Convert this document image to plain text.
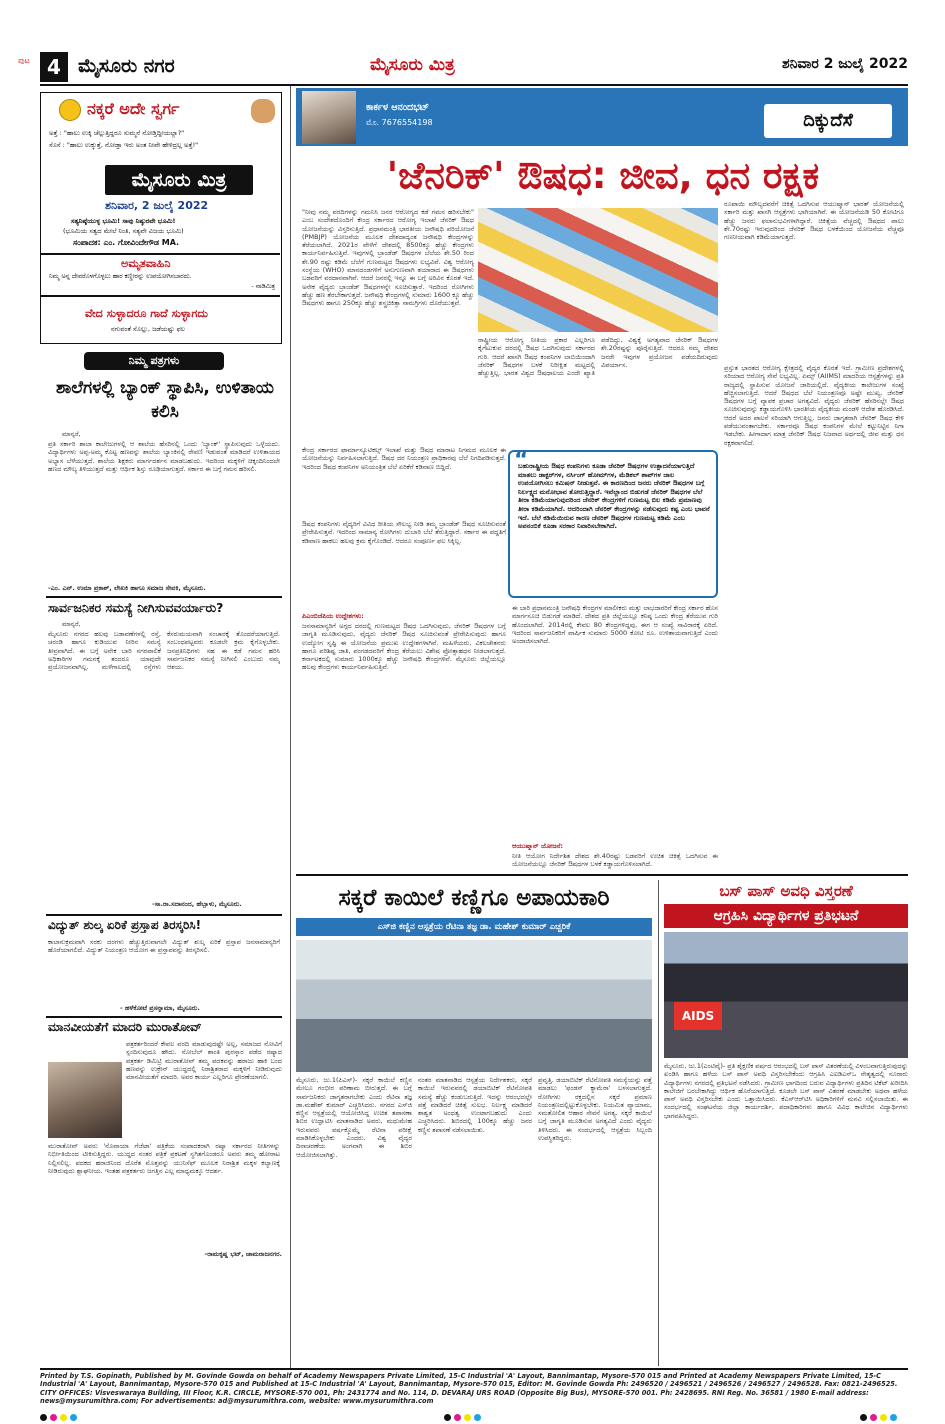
ಪುಟ 4 ಮೈಸೂರು ನಗರ	ಮೈಸೂರು ಮಿತ್ರ	ಶನಿವಾರ 2 ಜುಲೈ 2022
ನಕ್ಕರೆ ಅದೇ ಸ್ವರ್ಗ
ಅತ್ತೆ : "ಹಾಲು ಉಕ್ಕಿ ಚೆಲ್ಲುತ್ತಿದ್ದರೂ ಸುಮ್ಮನೆ ನೋಡ್ತಿದ್ದೀಯಲ್ಲಾ?"
ಸೊಸೆ : "ಹಾಲು ಉಕ್ಕುತ್ತೆ, ನೋಡ್ತಾ ಇರು ಅಂತ ನೀವೇ ಹೇಳಿದ್ರಲ್ಲ ಅತ್ತೆ!"
ಮೈಸೂರು ಮಿತ್ರ
ಶನಿವಾರ, 2 ಜುಲೈ 2022
ಸತ್ಯನಿಷ್ಠೆಯುಳ್ಳ ಭೂಮಿ! ಸಾವು ನಿಷ್ಠುರವೇ ಭೂಮಿ!
(ಭೂಮಿಯ ಸತ್ವದ ಮೇಲೆ ನಿಂತಿ, ಸತ್ಯವೇ ವಿಜಯ ಭೂಮಿ)
ಸಂಪಾದಕ: ಎಂ. ಗೋವಿಂದೇಗೌಡ MA.
ಅಮೃತವಾಹಿನಿ
ನಿಮ್ಮ ಅನ್ನ ದೇವರೊಳಗೊಳ್ಳಲು ಹಾರ ಕಣ್ಣೀರನ್ನು ಉಪಯೋಗಿಸಬಾರದು.
- ನಾಡಿಮಿತ್ರ
ವೇದ ಸುಳ್ಳಾದರೂ ಗಾದೆ ಸುಳ್ಳಾಗದು
ನಗುವಂತೆ ಸೊಲ್ಲು, ಜಡೆಯಷ್ಟು ಫಲ
ನಿಮ್ಮ ಪತ್ರಗಳು
ಶಾಲೆಗಳಲ್ಲಿ ಬ್ಯಾಂಕ್ ಸ್ಥಾಪಿಸಿ, ಉಳಿತಾಯ ಕಲಿಸಿ
ಮಾನ್ಯರೆ,
ಪ್ರತಿ ಸರ್ಕಾರಿ ಶಾಲಾ ಕಾಲೇಜುಗಳಲ್ಲಿ ಆ ಶಾಲೆಯ ಹೆಸರಿನಲ್ಲಿ ಒಂದು 'ಬ್ಯಾಂಕ್' ಸ್ಥಾಪಿಸುವುದು ಒಳ್ಳೆಯದು. ವಿದ್ಯಾರ್ಥಿಗಳು ಅಪ್ಪ-ಅಮ್ಮ ಕೊಟ್ಟ ಹಣವನ್ನು ಶಾಲೆಯ ಬ್ಯಾಂಕಿನಲ್ಲಿ ಠೇವಣಿ ಇಡುವಂತೆ ಮಾಡಿದರೆ ಉಳಿತಾಯದ ಅಭ್ಯಾಸ ಬೆಳೆಯುತ್ತದೆ. ಶಾಲೆಯ ಶಿಕ್ಷಕರು ಮಾರ್ಗದರ್ಶನ ಮಾಡಬಹುದು. ಇದರಿಂದ ಮಕ್ಕಳಿಗೆ ಚಿಕ್ಕಂದಿನಿಂದಲೇ ಹಣದ ಮೌಲ್ಯ ತಿಳಿಯುತ್ತದೆ ಮತ್ತು ಆರ್ಥಿಕ ಶಿಸ್ತು ರೂಢಿಯಾಗುತ್ತದೆ. ಸರ್ಕಾರ ಈ ಬಗ್ಗೆ ಗಮನ ಹರಿಸಲಿ.
-ಎಂ. ಎನ್. ಉಮಾ ಪ್ರಕಾಶ್, ಲೇಖಕಿ ಹಾಗೂ ಸಮಾಜ ಸೇವಕಿ, ಮೈಸೂರು.
ಸಾರ್ವಜನಿಕರ ಸಮಸ್ಯೆ ನೀಗಿಸುವವರ್ಯಾರು?
ಮಾನ್ಯರೆ,
ಮೈಸೂರು ನಗರದ ಹಲವು ಬಡಾವಣೆಗಳಲ್ಲಿ ರಸ್ತೆ, ಚರಂಡಿ ಹಾಗೂ ಕುಡಿಯುವ ನೀರಿನ ಸಮಸ್ಯೆ ತೀವ್ರವಾಗಿದೆ. ಈ ಬಗ್ಗೆ ಅನೇಕ ಬಾರಿ ನಗರಪಾಲಿಕೆ ಅಧಿಕಾರಿಗಳ ಗಮನಕ್ಕೆ ತಂದರೂ ಯಾವುದೇ ಪ್ರಯೋಜನವಾಗಿಲ್ಲ. ಮಳೆಗಾಲದಲ್ಲಿ ರಸ್ತೆಗಳು ಕೆಸರುಮಯವಾಗಿ ಸಂಚಾರಕ್ಕೆ ತೊಂದರೆಯಾಗುತ್ತಿದೆ. ಸಂಬಂಧಪಟ್ಟವರು ಕೂಡಲೇ ಕ್ರಮ ಕೈಗೊಳ್ಳಬೇಕು. ಜನಪ್ರತಿನಿಧಿಗಳು ಸಹ ಈ ಕಡೆ ಗಮನ ಹರಿಸಿ ಸಾರ್ವಜನಿಕರ ಸಮಸ್ಯೆ ನೀಗಿಸಲಿ ಎಂಬುದು ನಮ್ಮ ಆಶಯ.
-ಸಾ.ರಾ.ಸದಾನಂದ, ಹೆಬ್ಬಾಳು, ಮೈಸೂರು.
ವಿದ್ಯುತ್ ಶುಲ್ಕ ಏರಿಕೆ ಪ್ರಸ್ತಾಪ ತಿರಸ್ಕರಿಸಿ!
ಕಾಲಾನುಕ್ರಮವಾಗಿ ಸರಕು ದರಗಳು ಹೆಚ್ಚುತ್ತಿರುವಾಗಲೇ ವಿದ್ಯುತ್ ಶುಲ್ಕ ಏರಿಕೆ ಪ್ರಸ್ತಾಪ ಜನಸಾಮಾನ್ಯರಿಗೆ ಹೊರೆಯಾಗಲಿದೆ. ವಿದ್ಯುತ್ ನಿಯಂತ್ರಣ ಆಯೋಗ ಈ ಪ್ರಸ್ತಾಪವನ್ನು ತಿರಸ್ಕರಿಸಲಿ.
- ಹಳೆಕೋಟೆ ಪ್ರಸನ್ನಾಮಾ, ಮೈಸೂರು.
ಮಾನವೀಯತೆಗೆ ಮಾದರಿ ಮುರಾತೋವ್
ಪತ್ರಕರ್ತರಿಂದರೆ ಕೇವಲ ವರದಿ ಮಾಡುವುದಷ್ಟೇ ಅಲ್ಲ, ಸಮಾಜದ ನೋವಿಗೆ ಸ್ಪಂದಿಸುವುದೂ ಹೌದು. ನೋಬೆಲ್ ಶಾಂತಿ ಪುರಸ್ಕಾರ ಪಡೆದ ರಷ್ಯಾದ ಪತ್ರಕರ್ತ ಡಿಮಿಟ್ರಿ ಮುರಾತೋವ್ ತಮ್ಮ ಪದಕವನ್ನು ಹರಾಜು ಹಾಕಿ ಬಂದ ಹಣವನ್ನು ಉಕ್ರೇನ್ ಯುದ್ಧದಲ್ಲಿ ನಿರಾಶ್ರಿತರಾದ ಮಕ್ಕಳಿಗೆ ನೀಡಿರುವುದು ಮಾನವೀಯತೆಗೆ ಮಾದರಿ. ಅವರ ಕಾರ್ಯ ಎಲ್ಲರಿಗೂ ಪ್ರೇರಣೆಯಾಗಲಿ.
ಮುರಾತೋವ್ ಅವರು 'ನೊವಾಯಾ ಗೆಜೆಟಾ' ಪತ್ರಿಕೆಯ ಸಂಪಾದಕರಾಗಿ ರಷ್ಯಾ ಸರ್ಕಾರದ ನೀತಿಗಳನ್ನು ನಿರ್ಭೀತಿಯಿಂದ ಟೀಕಿಸುತ್ತಿದ್ದರು. ಯುದ್ಧದ ನಂತರ ಪತ್ರಿಕೆ ಪ್ರಕಟಣೆ ಸ್ಥಗಿತಗೊಂಡರೂ ಅವರು ತಮ್ಮ ಹೋರಾಟ ನಿಲ್ಲಿಸಲಿಲ್ಲ. ಪದಕದ ಹರಾಜಿನಿಂದ ದೊರೆತ ಮೊತ್ತವನ್ನು ಯುನಿಸೆಫ್ ಮೂಲಕ ನಿರಾಶ್ರಿತ ಮಕ್ಕಳ ಕಲ್ಯಾಣಕ್ಕೆ ನೀಡಿರುವುದು ಶ್ಲಾಘನೀಯ. ಇಂತಹ ಪತ್ರಕರ್ತರು ಜಗತ್ತಿನ ಎಲ್ಲ ಮಾಧ್ಯಮಕ್ಕೂ ಆದರ್ಶ.
-ರಾಮಕೃಷ್ಣ ಭಟ್, ಚಾಮರಾಜನಗರ.
ಕಾರ್ಕಳ ಆನಂದಭಟ್
ಮೊ. 7676554198	ದಿಕ್ಕುದೆಸೆ
'ಜೆನರಿಕ್' ಔಷಧ: ಜೀವ, ಧನ ರಕ್ಷಕ
"ನೀವು ನಮ್ಮ ವರದಿಗಳನ್ನು ಗಮನಿಸಿ ಜನರ ಆರೋಗ್ಯದ ಕಡೆ ಗಮನ ಹರಿಸಬೇಕು" ಎಂಬ ಸಂದೇಶದೊಂದಿಗೆ ಕೇಂದ್ರ ಸರ್ಕಾರದ ಆರೋಗ್ಯ ಇಲಾಖೆ ಜೆನರಿಕ್ ಔಷಧ ಯೋಜನೆಯನ್ನು ವಿಸ್ತರಿಸುತ್ತಿದೆ. ಪ್ರಧಾನಮಂತ್ರಿ ಭಾರತೀಯ ಜನೌಷಧಿ ಪರಿಯೋಜನೆ (PMBJP) ಯೋಜನೆಯ ಮೂಲಕ ದೇಶದಾದ್ಯಂತ ಜನೌಷಧಿ ಕೇಂದ್ರಗಳನ್ನು ತೆರೆಯಲಾಗಿದೆ. 2021ರ ವೇಳೆಗೆ ದೇಶದಲ್ಲಿ 8500ಕ್ಕೂ ಹೆಚ್ಚು ಕೇಂದ್ರಗಳು ಕಾರ್ಯನಿರ್ವಹಿಸುತ್ತಿವೆ. ಇವುಗಳಲ್ಲಿ ಬ್ರಾಂಡೆಡ್ ಔಷಧಗಳ ಬೆಲೆಯ ಶೇ.50 ರಿಂದ ಶೇ.90 ರಷ್ಟು ಕಡಿಮೆ ಬೆಲೆಗೆ ಗುಣಮಟ್ಟದ ಔಷಧಗಳು ಲಭ್ಯವಿವೆ. ವಿಶ್ವ ಆರೋಗ್ಯ ಸಂಸ್ಥೆಯ (WHO) ಮಾನದಂಡಗಳಿಗೆ ಅನುಗುಣವಾಗಿ ತಯಾರಾದ ಈ ಔಷಧಗಳು ಬಡವರಿಗೆ ವರದಾನವಾಗಿವೆ. ಆದರೆ ಜನರಲ್ಲಿ ಇನ್ನೂ ಈ ಬಗ್ಗೆ ಅರಿವಿನ ಕೊರತೆ ಇದೆ. ಅನೇಕ ವೈದ್ಯರು ಬ್ರಾಂಡೆಡ್ ಔಷಧಗಳನ್ನೇ ಸೂಚಿಸುತ್ತಾರೆ. ಇದರಿಂದ ರೋಗಿಗಳು ಹೆಚ್ಚು ಹಣ ತೆರಬೇಕಾಗುತ್ತದೆ. ಜನೌಷಧಿ ಕೇಂದ್ರಗಳಲ್ಲಿ ಸುಮಾರು 1600 ಕ್ಕೂ ಹೆಚ್ಚು ಔಷಧಗಳು ಹಾಗೂ 250ಕ್ಕೂ ಹೆಚ್ಚು ಶಸ್ತ್ರಚಿಕಿತ್ಸಾ ಸಾಮಗ್ರಿಗಳು ದೊರೆಯುತ್ತವೆ.
ರಾಷ್ಟ್ರೀಯ ಆರೋಗ್ಯ ನೀತಿಯ ಪ್ರಕಾರ ಎಲ್ಲರಿಗೂ ಕೈಗೆಟುಕುವ ದರದಲ್ಲಿ ಔಷಧ ಒದಗಿಸುವುದು ಸರ್ಕಾರದ ಗುರಿ. ಆದರೆ ಖಾಸಗಿ ಔಷಧ ಕಂಪನಿಗಳ ಲಾಬಿಯಿಂದಾಗಿ ಜೆನರಿಕ್ ಔಷಧಗಳ ಬಳಕೆ ನಿರೀಕ್ಷಿತ ಮಟ್ಟದಲ್ಲಿ ಹೆಚ್ಚುತ್ತಿಲ್ಲ. ಭಾರತ ವಿಶ್ವದ ಔಷಧಾಲಯ ಎಂದೇ ಖ್ಯಾತಿ ಪಡೆದಿದ್ದು, ವಿಶ್ವಕ್ಕೆ ಅಗತ್ಯವಾದ ಜೆನರಿಕ್ ಔಷಧಗಳ ಶೇ.20ರಷ್ಟನ್ನು ಪೂರೈಸುತ್ತಿದೆ. ಆದರೂ ನಮ್ಮ ದೇಶದ ಜನರೇ ಇವುಗಳ ಪ್ರಯೋಜನ ಪಡೆಯದಿರುವುದು ವಿಪರ್ಯಾಸ.
ಕೇಂದ್ರ ಸರ್ಕಾರದ ಫಾರ್ಮಾಸ್ಯೂಟಿಕಲ್ಸ್ ಇಲಾಖೆ ಮತ್ತು ಔಷಧ ಮಾರಾಟ ನಿಗಮದ ಮೂಲಕ ಈ ಯೋಜನೆಯನ್ನು ನಿರ್ವಹಿಸಲಾಗುತ್ತಿದೆ. ಔಷಧ ದರ ನಿಯಂತ್ರಣ ಪ್ರಾಧಿಕಾರವು ಬೆಲೆ ನಿಗದಿಪಡಿಸುತ್ತದೆ. ಇದರಿಂದ ಔಷಧ ಕಂಪನಿಗಳ ಅನಿಯಂತ್ರಿತ ಬೆಲೆ ಏರಿಕೆಗೆ ಕಡಿವಾಣ ಬಿದ್ದಿದೆ.	“
ಬಹುರಾಷ್ಟ್ರೀಯ ಔಷಧ ಕಂಪನಿಗಳು ಕೂಡಾ ಜೆನರಿಕ್ ಔಷಧಗಳ ಉತ್ಪಾದನೆಯಾಗುತ್ತಿದೆ ಮಾತಲು ಡಾಕ್ಟರ್‌ಗಳ, ನರ್ಸಿಂಗ್ ಹೋಮ್‌ಗಳ, ಮೆಡಿಕಲ್ ಶಾಪ್‌ಗಳ ಜಾಲ ಉಪಯೋಗಿಸಲು ಕಮಿಷನ್ ನೀಡುತ್ತವೆ. ಈ ಕಾರಣದಿಂದ ಜನರು ಜೆನರಿಕ್ ಔಷಧಗಳ ಬಗ್ಗೆ ನಿರ್ಲಕ್ಷ್ಯದ ಮನೋಭಾವ ತೋರುತ್ತಿದ್ದಾರೆ. ಇವೆಲ್ಲಾಂದ ಬಿಡುಗಡೆ ಜೆನರಿಕ್ ಔಷಧಗಳ ಬೆಲೆ ತೀರಾ ಕಡಿಮೆಯಾಗುವುದರಿಂದ ಜೆನರಿಕ್ ಕೇಂದ್ರಗಳಿಗೆ ಗುಣಮಟ್ಟ ಬಿಲ ಕಡಿಮೆ ಪ್ರಮಾಣವು ತೀರಾ ಕಡಿಮೆಯಾಗಿದೆ. ಆದರಿಂದಾಗಿ ಜೆನರಿಕ್ ಕೇಂದ್ರಗಳನ್ನು ನಡೆಸುವುದು ಕಷ್ಟ ಎಂಬ ಭಾವನೆ ಇದೆ. ಬೆಲೆ ಕಡಿಮೆಯಿರುವ ಕಾರಣ ಜೆನರಿಕ್ ಔಷಧಗಳ ಗುಣಮಟ್ಟ ಕಡಿಮೆ ಎಂಬ ಅಪನಂಬಿಕೆ ಕೂಡಾ ಸರಕಾರ ನಿವಾರಿಸಬೇಕಾಗಿದೆ.
ಔಷಧ ಕಂಪನಿಗಳು ವೈದ್ಯರಿಗೆ ವಿವಿಧ ರೀತಿಯ ಸೌಲಭ್ಯ ನೀಡಿ ತಮ್ಮ ಬ್ರಾಂಡೆಡ್ ಔಷಧ ಸೂಚಿಸುವಂತೆ ಪ್ರೇರೇಪಿಸುತ್ತವೆ. ಇದರಿಂದ ಸಾಮಾನ್ಯ ರೋಗಿಗಳು ದುಬಾರಿ ಬೆಲೆ ತೆರುತ್ತಿದ್ದಾರೆ. ಸರ್ಕಾರ ಈ ಪದ್ಧತಿಗೆ ಕಡಿವಾಣ ಹಾಕಲು ಹಲವು ಕ್ರಮ ಕೈಗೊಂಡಿದೆ. ಆದರೂ ಸಂಪೂರ್ಣ ಫಲ ಸಿಕ್ಕಿಲ್ಲ.
ಪಿಎಂಬಿಜೆಪಿಯ ಉದ್ದೇಶಗಳು:
ಜನಸಾಮಾನ್ಯರಿಗೆ ಅಗ್ಗದ ದರದಲ್ಲಿ ಗುಣಮಟ್ಟದ ಔಷಧ ಒದಗಿಸುವುದು, ಜೆನರಿಕ್ ಔಷಧಗಳ ಬಗ್ಗೆ ಜಾಗೃತಿ ಮೂಡಿಸುವುದು, ವೈದ್ಯರು ಜೆನರಿಕ್ ಔಷಧ ಸೂಚಿಸುವಂತೆ ಪ್ರೇರೇಪಿಸುವುದು ಹಾಗೂ ಉದ್ಯೋಗ ಸೃಷ್ಟಿ ಈ ಯೋಜನೆಯ ಪ್ರಮುಖ ಉದ್ದೇಶಗಳಾಗಿವೆ. ಮಹಿಳೆಯರು, ವಿಕಲಚೇತನರು ಹಾಗೂ ಪರಿಶಿಷ್ಟ ಜಾತಿ, ಪಂಗಡದವರಿಗೆ ಕೇಂದ್ರ ತೆರೆಯಲು ವಿಶೇಷ ಪ್ರೋತ್ಸಾಹಧನ ನೀಡಲಾಗುತ್ತದೆ. ಕರ್ನಾಟಕದಲ್ಲಿ ಸುಮಾರು 1000ಕ್ಕೂ ಹೆಚ್ಚು ಜನೌಷಧಿ ಕೇಂದ್ರಗಳಿವೆ. ಮೈಸೂರು ಜಿಲ್ಲೆಯಲ್ಲೂ ಹಲವು ಕೇಂದ್ರಗಳು ಕಾರ್ಯನಿರ್ವಹಿಸುತ್ತಿವೆ.
ಈ ಬಾರಿ ಪ್ರಧಾನಮಂತ್ರಿ ಜನೌಷಧಿ ಕೇಂದ್ರಗಳ ಮಾಲೀಕರು ಮತ್ತು ಲಾಭದಾರರಿಗೆ ಕೇಂದ್ರ ಸರ್ಕಾರ ಹೊಸ ಮಾರ್ಗಸೂಚಿ ಬಿಡುಗಡೆ ಮಾಡಿದೆ. ದೇಶದ ಪ್ರತಿ ಜಿಲ್ಲೆಯಲ್ಲೂ ಕನಿಷ್ಠ ಒಂದು ಕೇಂದ್ರ ತೆರೆಯುವ ಗುರಿ ಹೊಂದಲಾಗಿದೆ. 2014ರಲ್ಲಿ ಕೇವಲ 80 ಕೇಂದ್ರಗಳಿದ್ದವು, ಈಗ ಆ ಸಂಖ್ಯೆ ಸಾವಿರಾರಕ್ಕೆ ಏರಿದೆ. ಇದರಿಂದ ಸಾರ್ವಜನಿಕರಿಗೆ ವಾರ್ಷಿಕ ಸುಮಾರು 5000 ಕೋಟಿ ರೂ. ಉಳಿತಾಯವಾಗುತ್ತಿದೆ ಎಂದು ಅಂದಾಜಿಸಲಾಗಿದೆ.
ಆಯುಷ್ಮಾನ್ ಯೋಜನೆ:
ನೀತಿ ಆಯೋಗ ನಿರ್ದೇಶಿತ ದೇಶದ ಶೇ.40ರಷ್ಟು ಬಡವರಿಗೆ ಉಚಿತ ಚಿಕಿತ್ಸೆ ಒದಗಿಸುವ ಈ ಯೋಜನೆಯಲ್ಲೂ ಜೆನರಿಕ್ ಔಷಧಗಳ ಬಳಕೆ ಕಡ್ಡಾಯಗೊಳಿಸಲಾಗಿದೆ.
ರೂಪಾಯಿ ಮೌಲ್ಯದವರೆಗೆ ಚಿಕಿತ್ಸೆ ಒದಗಿಸುವ ಆಯುಷ್ಮಾನ್ ಭಾರತ್ ಯೋಜನೆಯಲ್ಲಿ ಸರ್ಕಾರಿ ಮತ್ತು ಖಾಸಗಿ ಆಸ್ಪತ್ರೆಗಳು ಭಾಗಿಯಾಗಿವೆ. ಈ ಯೋಜನೆಯಡಿ 50 ಕೋಟಿಗೂ ಹೆಚ್ಚು ಜನರು ಫಲಾನುಭವಿಗಳಾಗಿದ್ದಾರೆ. ಚಿಕಿತ್ಸೆಯ ವೆಚ್ಚದಲ್ಲಿ ಔಷಧದ ಪಾಲು ಶೇ.70ರಷ್ಟು ಇರುವುದರಿಂದ ಜೆನರಿಕ್ ಔಷಧ ಬಳಕೆಯಿಂದ ಯೋಜನೆಯ ವೆಚ್ಚವೂ ಗಣನೀಯವಾಗಿ ಕಡಿಮೆಯಾಗುತ್ತದೆ.
ಪ್ರಸ್ತುತ ಭಾರತದ ಆರೋಗ್ಯ ಕ್ಷೇತ್ರದಲ್ಲಿ ವೈದ್ಯರ ಕೊರತೆ ಇದೆ. ಗ್ರಾಮೀಣ ಪ್ರದೇಶಗಳಲ್ಲಿ ಸರಿಯಾದ ಆರೋಗ್ಯ ಸೇವೆ ಲಭ್ಯವಿಲ್ಲ. ಏಮ್ಸ್ (AIIMS) ಮಾದರಿಯ ಆಸ್ಪತ್ರೆಗಳನ್ನು ಪ್ರತಿ ರಾಜ್ಯದಲ್ಲಿ ಸ್ಥಾಪಿಸುವ ಯೋಜನೆ ಜಾರಿಯಲ್ಲಿದೆ. ವೈದ್ಯಕೀಯ ಕಾಲೇಜುಗಳ ಸಂಖ್ಯೆ ಹೆಚ್ಚಿಸಲಾಗುತ್ತಿದೆ. ಆದರೆ ಔಷಧದ ಬೆಲೆ ನಿಯಂತ್ರಣವೂ ಅಷ್ಟೇ ಮುಖ್ಯ. ಜೆನರಿಕ್ ಔಷಧಗಳ ಬಗ್ಗೆ ವ್ಯಾಪಕ ಪ್ರಚಾರ ಅಗತ್ಯವಿದೆ. ವೈದ್ಯರು ಜೆನರಿಕ್ ಹೆಸರಿನಲ್ಲೇ ಔಷಧ ಸೂಚಿಸುವುದನ್ನು ಕಡ್ಡಾಯಗೊಳಿಸಿ ಭಾರತೀಯ ವೈದ್ಯಕೀಯ ಮಂಡಳಿ ಆದೇಶ ಹೊರಡಿಸಿದೆ. ಆದರೆ ಅದರ ಪಾಲನೆ ಸರಿಯಾಗಿ ಆಗುತ್ತಿಲ್ಲ. ಜನರು ಜಾಗೃತರಾಗಿ ಜೆನರಿಕ್ ಔಷಧ ಕೇಳಿ ಪಡೆಯುವಂತಾಗಬೇಕು. ಸರ್ಕಾರವೂ ಔಷಧ ಕಂಪನಿಗಳ ಮೇಲೆ ಕಟ್ಟುನಿಟ್ಟಿನ ನಿಗಾ ಇಡಬೇಕು. ಹೀಗಾದಾಗ ಮಾತ್ರ ಜೆನರಿಕ್ ಔಷಧ ನಿಜವಾದ ಅರ್ಥದಲ್ಲಿ ಜೀವ ಮತ್ತು ಧನ ರಕ್ಷಕವಾಗಲಿದೆ.
ಸಕ್ಕರೆ ಕಾಯಿಲೆ ಕಣ್ಣಿಗೂ ಅಪಾಯಕಾರಿ
ಎಸ್‌ಜಿ ಕಣ್ಣಿನ ಆಸ್ಪತ್ರೆಯ ರೆಟಿನಾ ತಜ್ಞ ಡಾ. ಮಹೇಶ್ ಕುಮಾರ್ ಎಚ್ಚರಿಕೆ
ಮೈಸೂರು, ಜು.1(ಪಿಎಸ್)- ಸಕ್ಕರೆ ಕಾಯಿಲೆ ಕಣ್ಣಿನ ಮೇಲೂ ಗಂಭೀರ ಪರಿಣಾಮ ಬೀರುತ್ತದೆ. ಈ ಬಗ್ಗೆ ಸಾರ್ವಜನಿಕರು ಜಾಗೃತರಾಗಬೇಕು ಎಂದು ರೆಟಿನಾ ತಜ್ಞ ಡಾ.ಮಹೇಶ್ ಕುಮಾರ್ ಎಚ್ಚರಿಸಿದರು. ನಗರದ ಎಸ್‌ಜಿ ಕಣ್ಣಿನ ಆಸ್ಪತ್ರೆಯಲ್ಲಿ ಆಯೋಜಿಸಿದ್ದ ಉಚಿತ ತಪಾಸಣಾ ಶಿಬಿರ ಉದ್ಘಾಟಿಸಿ ಮಾತನಾಡಿದ ಅವರು, ಮಧುಮೇಹ ಇರುವವರು ವರ್ಷಕ್ಕೊಮ್ಮೆ ರೆಟಿನಾ ಪರೀಕ್ಷೆ ಮಾಡಿಸಿಕೊಳ್ಳಬೇಕು ಎಂದರು. ವಿಶ್ವ ವೈದ್ಯರ ದಿನಾಚರಣೆಯ ಅಂಗವಾಗಿ ಈ ಶಿಬಿರ ಆಯೋಜಿಸಲಾಗಿತ್ತು.
ನಂತರ ಮಾತನಾಡಿದ ಆಸ್ಪತ್ರೆಯ ನಿರ್ದೇಶಕರು, ಸಕ್ಕರೆ ಕಾಯಿಲೆ ಇರುವವರಲ್ಲಿ ಡಯಾಬಿಟಿಕ್ ರೆಟಿನೋಪತಿ ಸಮಸ್ಯೆ ಹೆಚ್ಚು ಕಂಡುಬರುತ್ತಿದೆ. ಇದನ್ನು ಆರಂಭದಲ್ಲೇ ಪತ್ತೆ ಮಾಡಿದರೆ ಚಿಕಿತ್ಸೆ ಸುಲಭ. ನಿರ್ಲಕ್ಷ್ಯ ಮಾಡಿದರೆ ಶಾಶ್ವತ ಅಂಧತ್ವ ಉಂಟಾಗಬಹುದು ಎಂದು ಎಚ್ಚರಿಸಿದರು. ಶಿಬಿರದಲ್ಲಿ 100ಕ್ಕೂ ಹೆಚ್ಚು ಜನರ ಕಣ್ಣಿನ ತಪಾಸಣೆ ನಡೆಸಲಾಯಿತು.
ಪ್ರವೃತ್ತಿ. ಡಯಾಬಿಟಿಕ್ ರೆಟಿನೋಪತಿ ಸಮಸ್ಯೆಯನ್ನು ಪತ್ತೆ ಮಾಡಲು 'ಫಂಡಸ್ ಕ್ಯಾಮೆರಾ' ಬಳಸಲಾಗುತ್ತದೆ. ರೋಗಿಗಳು ರಕ್ತದಲ್ಲಿನ ಸಕ್ಕರೆ ಪ್ರಮಾಣ ನಿಯಂತ್ರಣದಲ್ಲಿಟ್ಟುಕೊಳ್ಳಬೇಕು. ನಿಯಮಿತ ವ್ಯಾಯಾಮ, ಸಮತೋಲಿತ ಆಹಾರ ಸೇವನೆ ಅಗತ್ಯ. ಸಕ್ಕರೆ ಕಾಯಿಲೆ ಬಗ್ಗೆ ಜಾಗೃತಿ ಮೂಡಿಸುವ ಅಗತ್ಯವಿದೆ ಎಂದು ವೈದ್ಯರು ತಿಳಿಸಿದರು. ಈ ಸಂದರ್ಭದಲ್ಲಿ ಆಸ್ಪತ್ರೆಯ ಸಿಬ್ಬಂದಿ ಉಪಸ್ಥಿತರಿದ್ದರು.
ಬಸ್ ಪಾಸ್ ಅವಧಿ ವಿಸ್ತರಣೆ
ಆಗ್ರಹಿಸಿ ವಿದ್ಯಾರ್ಥಿಗಳ ಪ್ರತಿಭಟನೆ
AIDS
ಮೈಸೂರು, ಜು.1(ಎಂಟಿವೈ)- ಪ್ರತಿ ಶೈಕ್ಷಣಿಕ ವರ್ಷದ ಆರಂಭದಲ್ಲಿ ಬಸ್ ಪಾಸ್ ವಿತರಣೆಯಲ್ಲಿ ವಿಳಂಬವಾಗುತ್ತಿರುವುದನ್ನು ಖಂಡಿಸಿ ಹಾಗೂ ಹಳೆಯ ಬಸ್ ಪಾಸ್ ಅವಧಿ ವಿಸ್ತರಿಸಬೇಕೆಂದು ಆಗ್ರಹಿಸಿ ಎಐಡಿಎಸ್‌ಒ ನೇತೃತ್ವದಲ್ಲಿ ನೂರಾರು ವಿದ್ಯಾರ್ಥಿಗಳು ನಗರದಲ್ಲಿ ಪ್ರತಿಭಟನೆ ನಡೆಸಿದರು. ಗ್ರಾಮೀಣ ಭಾಗದಿಂದ ಬರುವ ವಿದ್ಯಾರ್ಥಿಗಳು ಪ್ರತಿದಿನ ಟಿಕೆಟ್ ಖರೀದಿಸಿ ಕಾಲೇಜಿಗೆ ಬರಬೇಕಾಗಿದ್ದು ಆರ್ಥಿಕ ಹೊರೆಯಾಗುತ್ತಿದೆ. ಕೂಡಲೇ ಬಸ್ ಪಾಸ್ ವಿತರಣೆ ಮಾಡಬೇಕು ಅಥವಾ ಹಳೆಯ ಪಾಸ್ ಅವಧಿ ವಿಸ್ತರಿಸಬೇಕು ಎಂದು ಒತ್ತಾಯಿಸಿದರು. ಕೆಎಸ್‌ಆರ್‌ಟಿಸಿ ಅಧಿಕಾರಿಗಳಿಗೆ ಮನವಿ ಸಲ್ಲಿಸಲಾಯಿತು. ಈ ಸಂದರ್ಭದಲ್ಲಿ ಸಂಘಟನೆಯ ಜಿಲ್ಲಾ ಕಾರ್ಯದರ್ಶಿ, ಪದಾಧಿಕಾರಿಗಳು ಹಾಗೂ ವಿವಿಧ ಕಾಲೇಜಿನ ವಿದ್ಯಾರ್ಥಿಗಳು ಭಾಗವಹಿಸಿದ್ದರು.
Printed by T.S. Gopinath, Published by M. Govinde Gowda on behalf of Academy Newspapers Private Limited, 15-C Industrial 'A' Layout, Bannimantap, Mysore-570 015 and Printed at Academy Newspapers Private Limited, 15-C Industrial 'A' Layout, Bannimantap, Mysore-570 015 and Published at 15-C Industrial 'A' Layout, Bannimantap, Mysore-570 015, Editor: M. Govinde Gowda Ph: 2496520 / 2496521 / 2496526 / 2496527 / 2496528. Fax: 0821-2496525. CITY OFFICES: Visveswaraya Building, III Floor, K.R. CIRCLE, MYSORE-570 001, Ph: 2431774 and No. 114, D. DEVARAJ URS ROAD (Opposite Big Bus), MYSORE-570 001. Ph: 2428695. RNI Reg. No. 36581 / 1980 E-mail address: news@mysurumithra.com; For advertisements: ad@mysurumithra.com, website: www.mysurumithra.com
